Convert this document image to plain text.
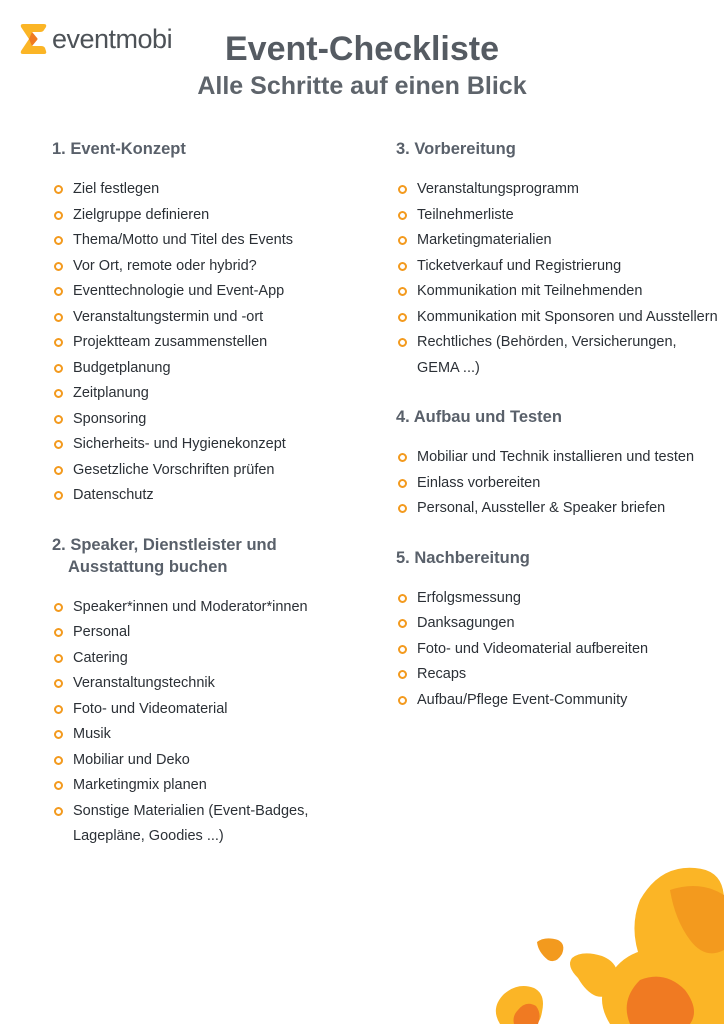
eventmobi	Event-Checkliste
Alle Schritte auf einen Blick
1. Event-Konzept
Ziel festlegen
Zielgruppe definieren
Thema/Motto und Titel des Events
Vor Ort, remote oder hybrid?
Eventtechnologie und Event-App
Veranstaltungstermin und -ort
Projektteam zusammenstellen
Budgetplanung
Zeitplanung
Sponsoring
Sicherheits- und Hygienekonzept
Gesetzliche Vorschriften prüfen
Datenschutz
2. Speaker, Dienstleister und Ausstattung buchen
Speaker*innen und Moderator*innen
Personal
Catering
Veranstaltungstechnik
Foto- und Videomaterial
Musik
Mobiliar und Deko
Marketingmix planen
Sonstige Materialien (Event-Badges, Lagepläne, Goodies ...)
3. Vorbereitung
Veranstaltungsprogramm
Teilnehmerliste
Marketingmaterialien
Ticketverkauf und Registrierung
Kommunikation mit Teilnehmenden
Kommunikation mit Sponsoren und Ausstellern
Rechtliches (Behörden, Versicherungen, GEMA ...)
4. Aufbau und Testen
Mobiliar und Technik installieren und testen
Einlass vorbereiten
Personal, Aussteller & Speaker briefen
5. Nachbereitung
Erfolgsmessung
Danksagungen
Foto- und Videomaterial aufbereiten
Recaps
Aufbau/Pflege Event-Community
